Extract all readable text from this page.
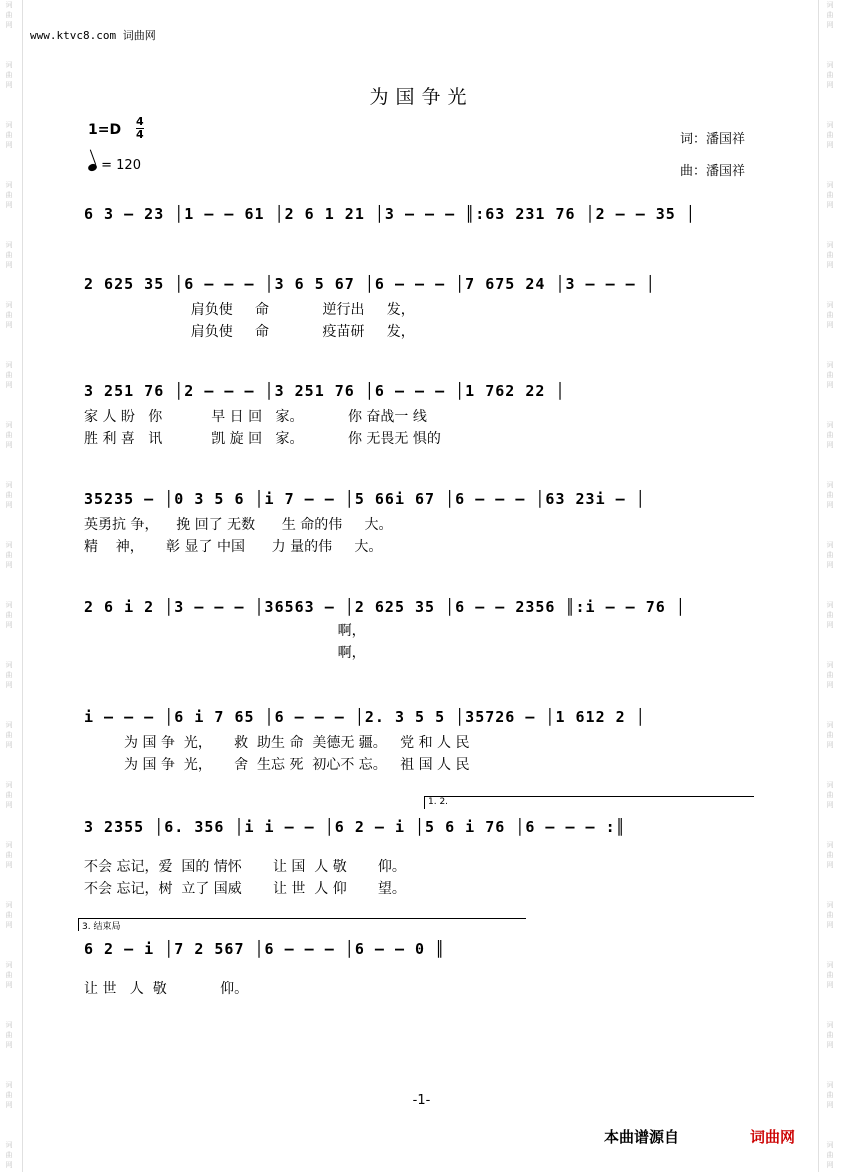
词
曲
网
词
曲
网
词
曲
网
词
曲
网
词
曲
网
词
曲
网
词
曲
网
词
曲
网
词
曲
网
词
曲
网
词
曲
网
词
曲
网
词
曲
网
词
曲
网
词
曲
网
词
曲
网
词
曲
网
词
曲
网
词
曲
网
词
曲
网
词
曲
网
词
曲
网
词
曲
网
词
曲
网
词
曲
网
词
曲
网
词
曲
网
词
曲
网
词
曲
网
词
曲
网
词
曲
网
词
曲
网
词
曲
网
词
曲
网
词
曲
网
词
曲
网
词
曲
网
词
曲
网
词
曲
网
词
曲
网
www.ktvc8.com 词曲网
为国争光
1=D
4
4
= 120
词：潘国祥
曲：潘国祥
6 3 – 23 │1 – – 61 │2 6 1 21 │3 – – – ║:63 231 76 │2 – – 35 │
2 625 35 │6 – – – │3 6 5 67 │6 – – – │7 675 24 │3 – – – │
肩负使     命            逆行出     发，
肩负使     命            疫苗研     发，
3 251 76 │2 – – – │3 251 76 │6 – – – │1 762 22 │
家 人 盼   你           早 日 回   家。          你 奋战一 线
胜 利 喜   讯           凯 旋 回   家。          你 无畏无 惧的
35235 – │0 3 5 6 │i 7 – – │5 66i 67 │6 – – – │63 23i – │
英勇抗 争，    挽 回了 无数      生 命的伟     大。
精    神，     彰 显了 中国      力 量的伟     大。
2 6 i 2 │3 – – – │36563 – │2 625 35 │6 – – 2356 ║:i – – 76 │
啊，
啊，
i – – – │6 i 7 65 │6 – – – │2. 3 5 5 │35726 – │1 612 2 │
为 国 争  光，     救  助生 命  美德无 疆。   党 和 人 民
为 国 争  光，     舍  生忘 死  初心不 忘。   祖 国 人 民
1. 2.
3 2355 │6. 356 │i i – – │6 2 – i │5 6 i 76 │6 – – – :║
不会 忘记，爱  国的 情怀       让 国  人 敬       仰。
不会 忘记，树  立了 国威       让 世  人 仰       望。
3. 结束局
6 2 – i │7 2 567 │6 – – – │6 – – 0 ║
让 世   人  敬            仰。
-1-
本曲谱源自	词曲网
